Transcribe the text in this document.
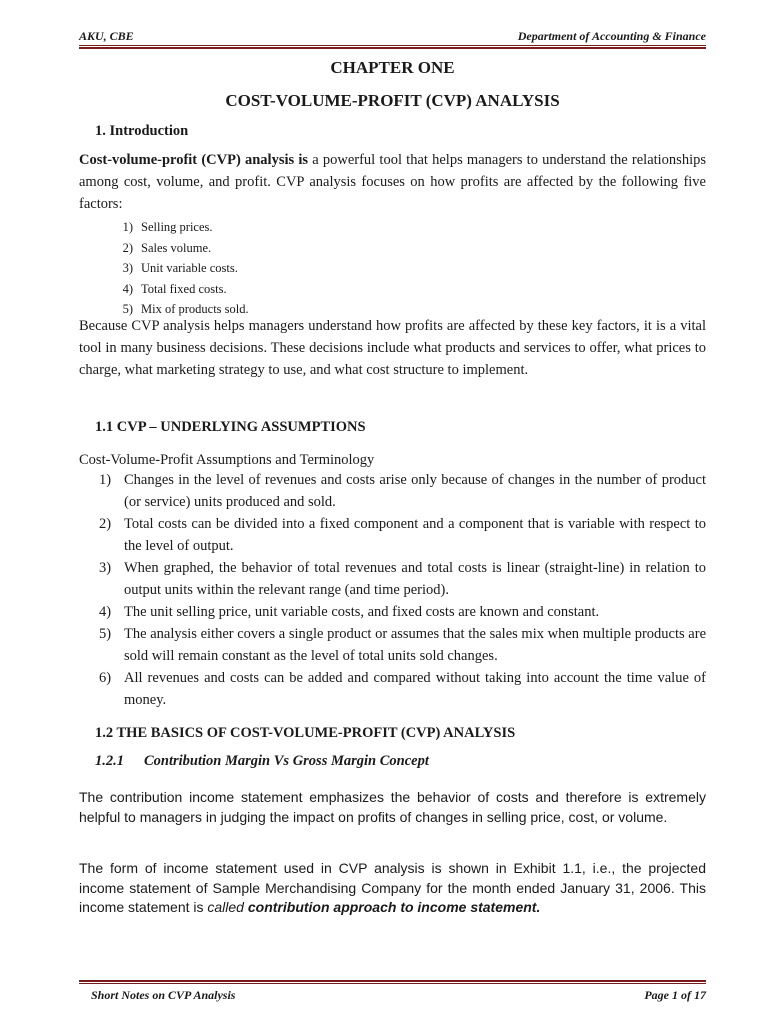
AKU, CBE	Department of Accounting & Finance
CHAPTER ONE
COST-VOLUME-PROFIT (CVP) ANALYSIS
1. Introduction
Cost-volume-profit (CVP) analysis is a powerful tool that helps managers to understand the relationships among cost, volume, and profit. CVP analysis focuses on how profits are affected by the following five factors:
1) Selling prices.
2) Sales volume.
3) Unit variable costs.
4) Total fixed costs.
5) Mix of products sold.
Because CVP analysis helps managers understand how profits are affected by these key factors, it is a vital tool in many business decisions. These decisions include what products and services to offer, what prices to charge, what marketing strategy to use, and what cost structure to implement.
1.1 CVP – UNDERLYING ASSUMPTIONS
Cost-Volume-Profit Assumptions and Terminology
1) Changes in the level of revenues and costs arise only because of changes in the number of product (or service) units produced and sold.
2) Total costs can be divided into a fixed component and a component that is variable with respect to the level of output.
3) When graphed, the behavior of total revenues and total costs is linear (straight-line) in relation to output units within the relevant range (and time period).
4) The unit selling price, unit variable costs, and fixed costs are known and constant.
5) The analysis either covers a single product or assumes that the sales mix when multiple products are sold will remain constant as the level of total units sold changes.
6) All revenues and costs can be added and compared without taking into account the time value of money.
1.2 THE BASICS OF COST-VOLUME-PROFIT (CVP) ANALYSIS
1.2.1 Contribution Margin Vs Gross Margin Concept
The contribution income statement emphasizes the behavior of costs and therefore is extremely helpful to managers in judging the impact on profits of changes in selling price, cost, or volume.
The form of income statement used in CVP analysis is shown in Exhibit 1.1, i.e., the projected income statement of Sample Merchandising Company for the month ended January 31, 2006. This income statement is called contribution approach to income statement.
Short Notes on CVP Analysis	Page 1 of 17
